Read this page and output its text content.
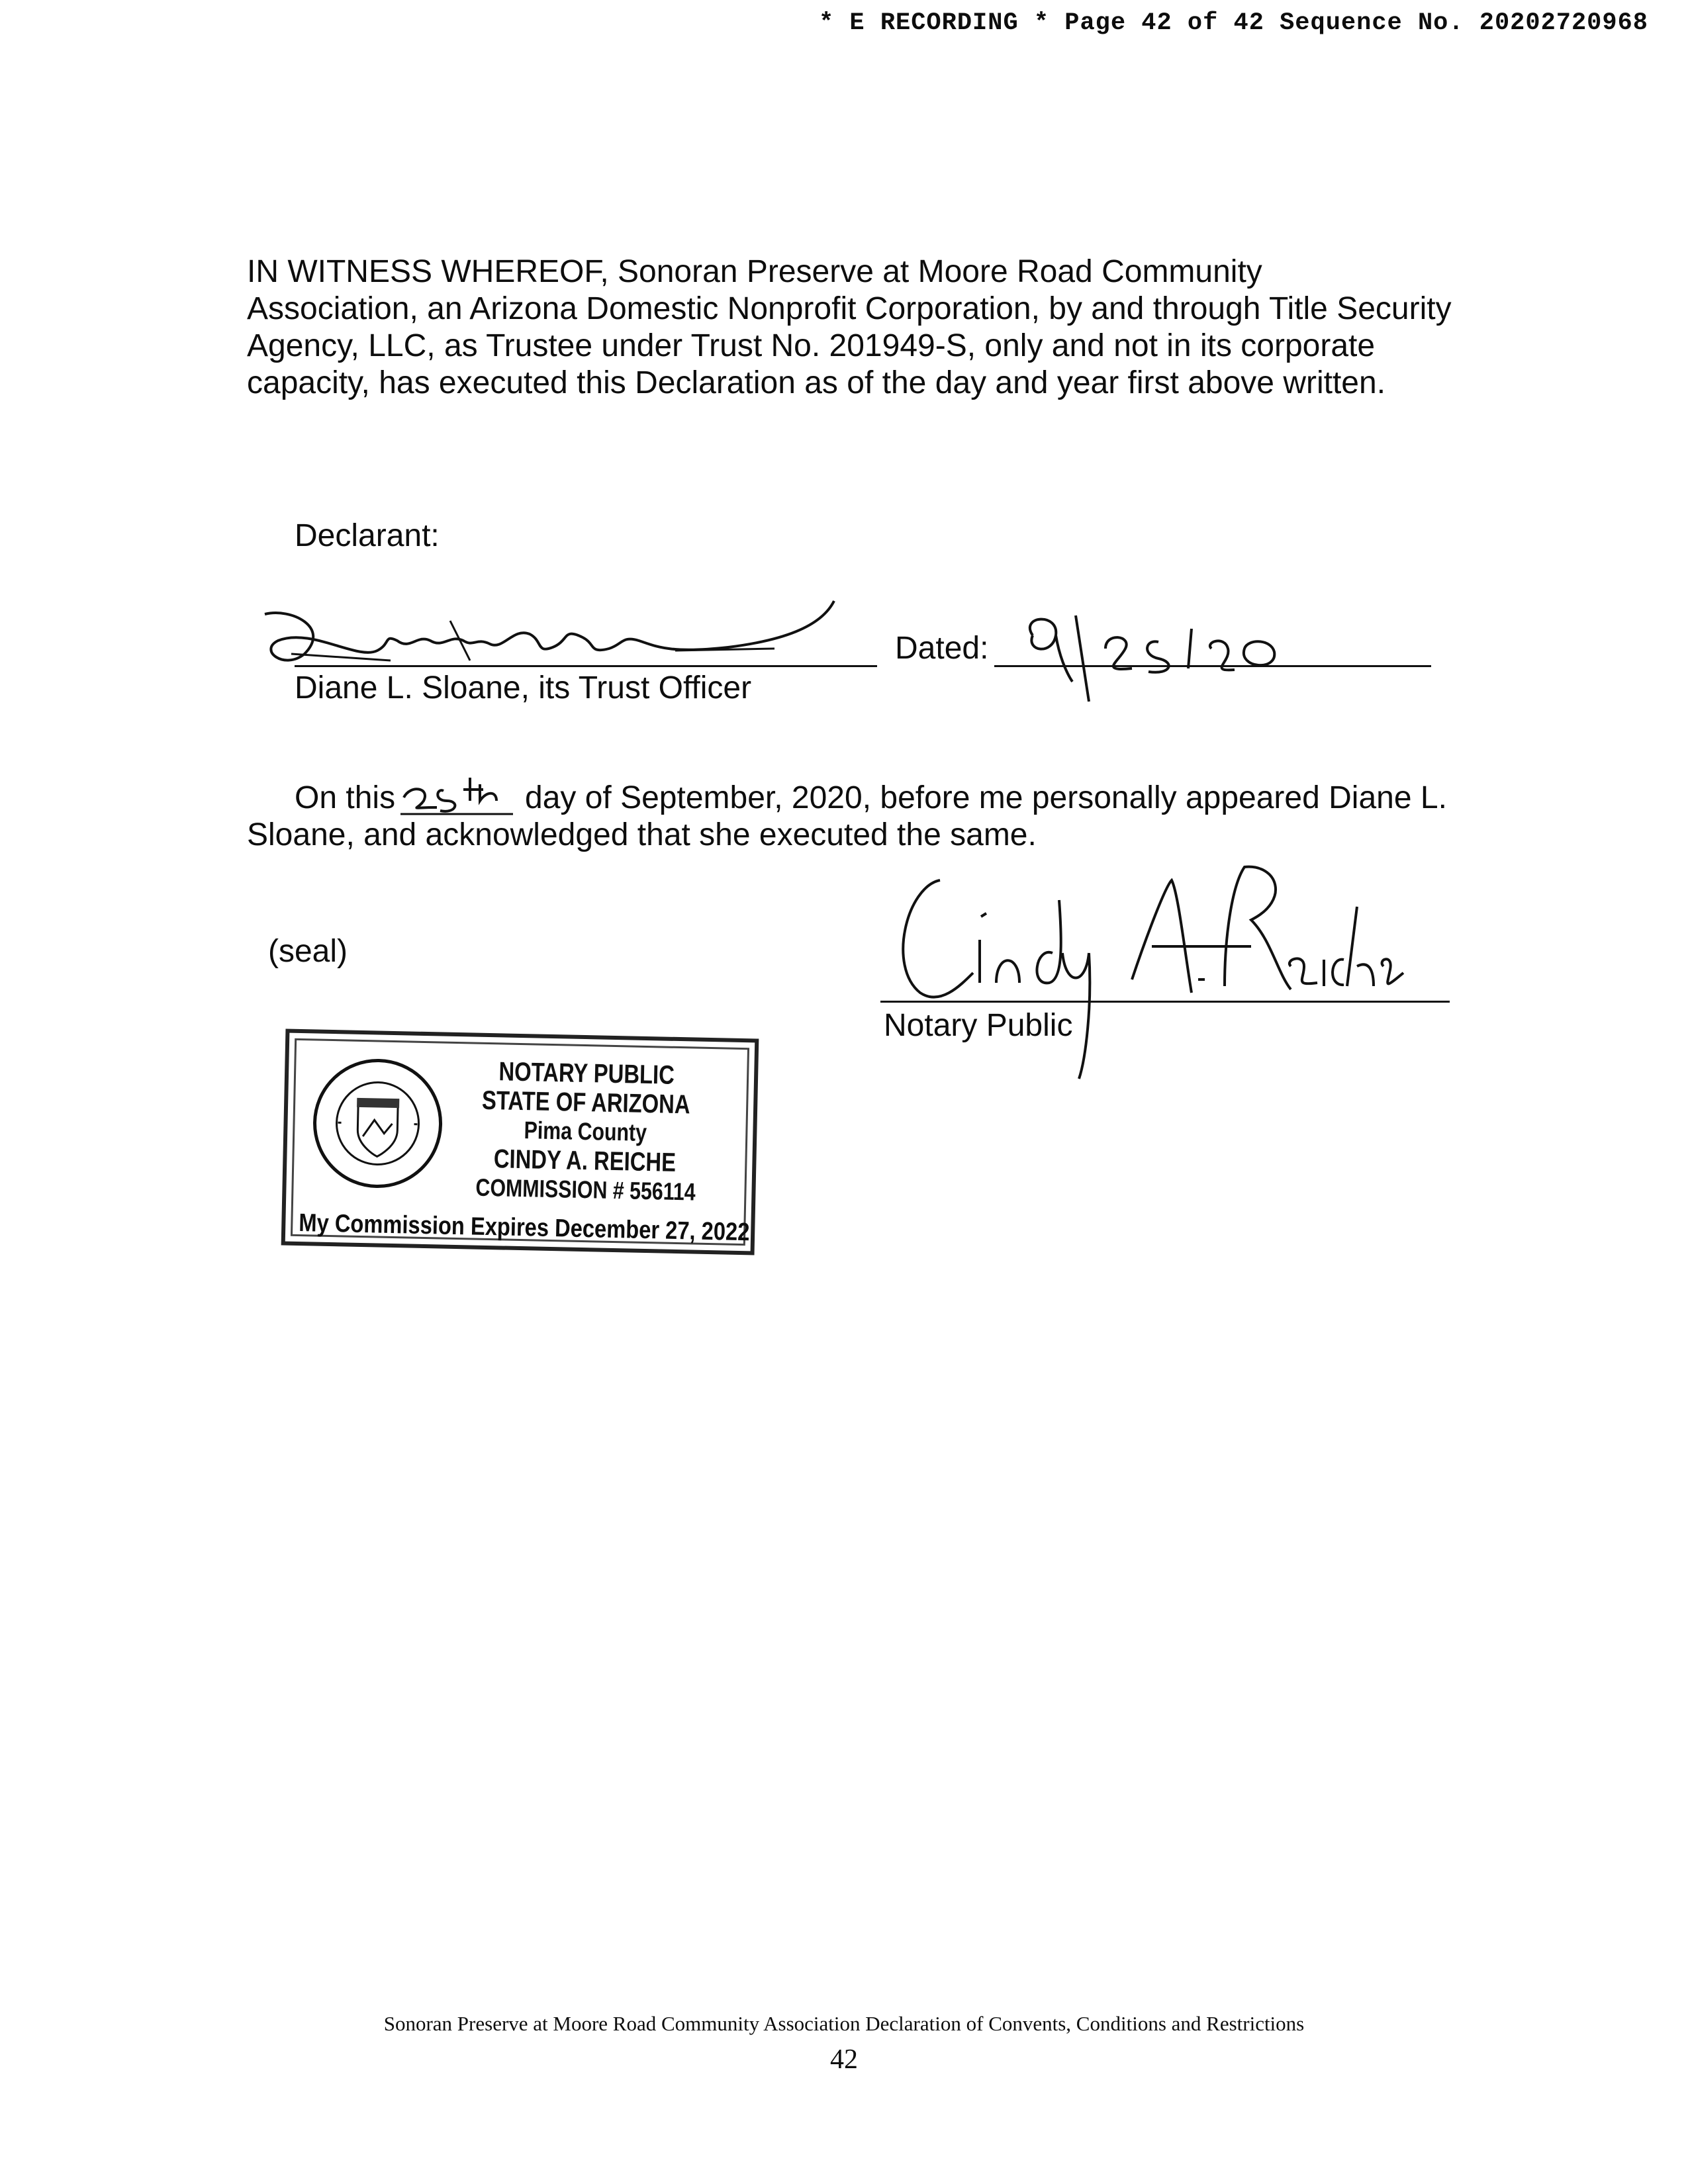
* E RECORDING * Page 42 of 42 Sequence No. 20202720968
IN WITNESS WHEREOF, Sonoran Preserve at Moore Road Community
Association, an Arizona Domestic Nonprofit Corporation, by and through Title Security
Agency, LLC, as Trustee under Trust No. 201949-S, only and not in its corporate
capacity, has executed this Declaration as of the day and year first above written.
Declarant:
Diane L. Sloane, its Trust Officer
Dated:
On this	day of September, 2020, before me personally appeared Diane L.
Sloane, and acknowledged that she executed the same.
(seal)
Notary Public
NOTARY PUBLIC
STATE OF ARIZONA
Pima County
CINDY A. REICHE
COMMISSION # 556114
My Commission Expires December 27, 2022
Sonoran Preserve at Moore Road Community Association Declaration of Convents, Conditions and Restrictions
42
